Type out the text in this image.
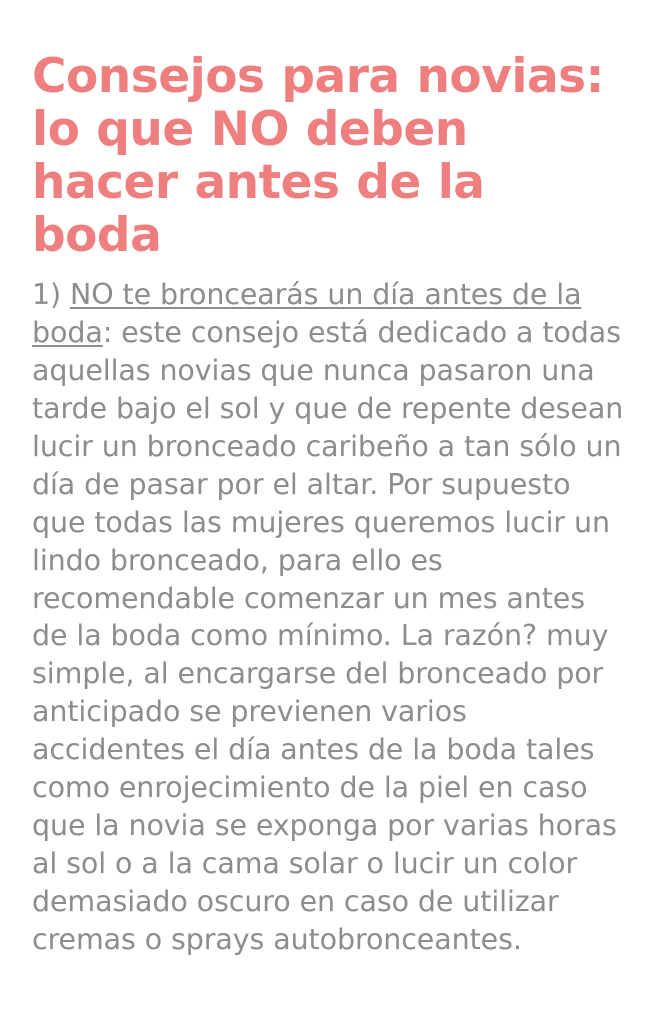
Consejos para novias: lo que NO deben hacer antes de la boda

1) NO te broncearás un día antes de la boda: este consejo está dedicado a todas aquellas novias que nunca pasaron una tarde bajo el sol y que de repente desean lucir un bronceado caribeño a tan sólo un día de pasar por el altar. Por supuesto que todas las mujeres queremos lucir un lindo bronceado, para ello es recomendable comenzar un mes antes de la boda como mínimo. La razón? muy simple, al encargarse del bronceado por anticipado se previenen varios accidentes el día antes de la boda tales como enrojecimiento de la piel en caso que la novia se exponga por varias horas al sol o a la cama solar o lucir un color demasiado oscuro en caso de utilizar cremas o sprays autobronceantes.
